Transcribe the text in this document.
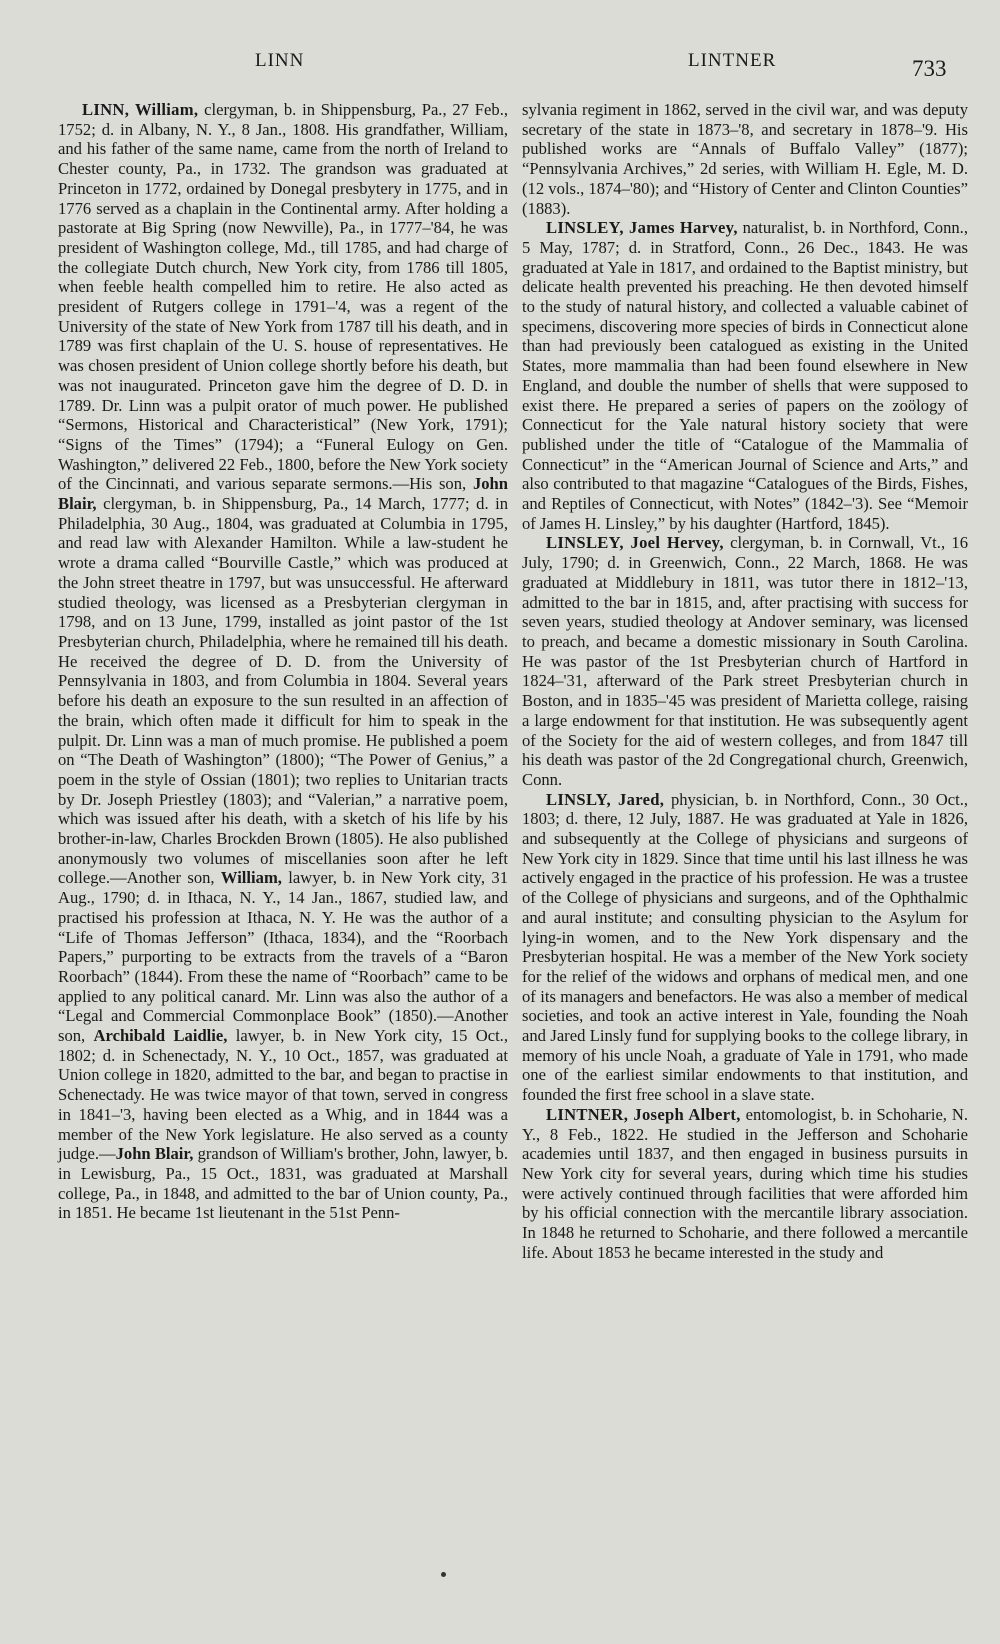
LINN	LINTNER	733

LINN, William, clergyman, b. in Shippensburg, Pa., 27 Feb., 1752; d. in Albany, N. Y., 8 Jan., 1808. His grandfather, William, and his father of the same name, came from the north of Ireland to Chester county, Pa., in 1732. The grandson was graduated at Princeton in 1772, ordained by Donegal presbytery in 1775, and in 1776 served as a chaplain in the Continental army. After holding a pastorate at Big Spring (now Newville), Pa., in 1777–'84, he was president of Washington college, Md., till 1785, and had charge of the collegiate Dutch church, New York city, from 1786 till 1805, when feeble health compelled him to retire. He also acted as president of Rutgers college in 1791–'4, was a regent of the University of the state of New York from 1787 till his death, and in 1789 was first chaplain of the U. S. house of representatives. He was chosen president of Union college shortly before his death, but was not inaugurated. Princeton gave him the degree of D. D. in 1789. Dr. Linn was a pulpit orator of much power. He published “Sermons, Historical and Characteristical” (New York, 1791); “Signs of the Times” (1794); a “Funeral Eulogy on Gen. Washington,” delivered 22 Feb., 1800, before the New York society of the Cincinnati, and various separate sermons.—His son, John Blair, clergyman, b. in Shippensburg, Pa., 14 March, 1777; d. in Philadelphia, 30 Aug., 1804, was graduated at Columbia in 1795, and read law with Alexander Hamilton. While a law-student he wrote a drama called “Bourville Castle,” which was produced at the John street theatre in 1797, but was unsuccessful. He afterward studied theology, was licensed as a Presbyterian clergyman in 1798, and on 13 June, 1799, installed as joint pastor of the 1st Presbyterian church, Philadelphia, where he remained till his death. He received the degree of D. D. from the University of Pennsylvania in 1803, and from Columbia in 1804. Several years before his death an exposure to the sun resulted in an affection of the brain, which often made it difficult for him to speak in the pulpit. Dr. Linn was a man of much promise. He published a poem on “The Death of Washington” (1800); “The Power of Genius,” a poem in the style of Ossian (1801); two replies to Unitarian tracts by Dr. Joseph Priestley (1803); and “Valerian,” a narrative poem, which was issued after his death, with a sketch of his life by his brother-in-law, Charles Brockden Brown (1805). He also published anonymously two volumes of miscellanies soon after he left college.—Another son, William, lawyer, b. in New York city, 31 Aug., 1790; d. in Ithaca, N. Y., 14 Jan., 1867, studied law, and practised his profession at Ithaca, N. Y. He was the author of a “Life of Thomas Jefferson” (Ithaca, 1834), and the “Roorbach Papers,” purporting to be extracts from the travels of a “Baron Roorbach” (1844). From these the name of “Roorbach” came to be applied to any political canard. Mr. Linn was also the author of a “Legal and Commercial Commonplace Book” (1850).—Another son, Archibald Laidlie, lawyer, b. in New York city, 15 Oct., 1802; d. in Schenectady, N. Y., 10 Oct., 1857, was graduated at Union college in 1820, admitted to the bar, and began to practise in Schenectady. He was twice mayor of that town, served in congress in 1841–'3, having been elected as a Whig, and in 1844 was a member of the New York legislature. He also served as a county judge.—John Blair, grandson of William's brother, John, lawyer, b. in Lewisburg, Pa., 15 Oct., 1831, was graduated at Marshall college, Pa., in 1848, and admitted to the bar of Union county, Pa., in 1851. He became 1st lieutenant in the 51st Penn-

sylvania regiment in 1862, served in the civil war, and was deputy secretary of the state in 1873–'8, and secretary in 1878–'9. His published works are “Annals of Buffalo Valley” (1877); “Pennsylvania Archives,” 2d series, with William H. Egle, M. D. (12 vols., 1874–'80); and “History of Center and Clinton Counties” (1883).

LINSLEY, James Harvey, naturalist, b. in Northford, Conn., 5 May, 1787; d. in Stratford, Conn., 26 Dec., 1843. He was graduated at Yale in 1817, and ordained to the Baptist ministry, but delicate health prevented his preaching. He then devoted himself to the study of natural history, and collected a valuable cabinet of specimens, discovering more species of birds in Connecticut alone than had previously been catalogued as existing in the United States, more mammalia than had been found elsewhere in New England, and double the number of shells that were supposed to exist there. He prepared a series of papers on the zoölogy of Connecticut for the Yale natural history society that were published under the title of “Catalogue of the Mammalia of Connecticut” in the “American Journal of Science and Arts,” and also contributed to that magazine “Catalogues of the Birds, Fishes, and Reptiles of Connecticut, with Notes” (1842–'3). See “Memoir of James H. Linsley,” by his daughter (Hartford, 1845).

LINSLEY, Joel Hervey, clergyman, b. in Cornwall, Vt., 16 July, 1790; d. in Greenwich, Conn., 22 March, 1868. He was graduated at Middlebury in 1811, was tutor there in 1812–'13, admitted to the bar in 1815, and, after practising with success for seven years, studied theology at Andover seminary, was licensed to preach, and became a domestic missionary in South Carolina. He was pastor of the 1st Presbyterian church of Hartford in 1824–'31, afterward of the Park street Presbyterian church in Boston, and in 1835–'45 was president of Marietta college, raising a large endowment for that institution. He was subsequently agent of the Society for the aid of western colleges, and from 1847 till his death was pastor of the 2d Congregational church, Greenwich, Conn.

LINSLY, Jared, physician, b. in Northford, Conn., 30 Oct., 1803; d. there, 12 July, 1887. He was graduated at Yale in 1826, and subsequently at the College of physicians and surgeons of New York city in 1829. Since that time until his last illness he was actively engaged in the practice of his profession. He was a trustee of the College of physicians and surgeons, and of the Ophthalmic and aural institute; and consulting physician to the Asylum for lying-in women, and to the New York dispensary and the Presbyterian hospital. He was a member of the New York society for the relief of the widows and orphans of medical men, and one of its managers and benefactors. He was also a member of medical societies, and took an active interest in Yale, founding the Noah and Jared Linsly fund for supplying books to the college library, in memory of his uncle Noah, a graduate of Yale in 1791, who made one of the earliest similar endowments to that institution, and founded the first free school in a slave state.

LINTNER, Joseph Albert, entomologist, b. in Schoharie, N. Y., 8 Feb., 1822. He studied in the Jefferson and Schoharie academies until 1837, and then engaged in business pursuits in New York city for several years, during which time his studies were actively continued through facilities that were afforded him by his official connection with the mercantile library association. In 1848 he returned to Schoharie, and there followed a mercantile life. About 1853 he became interested in the study and
